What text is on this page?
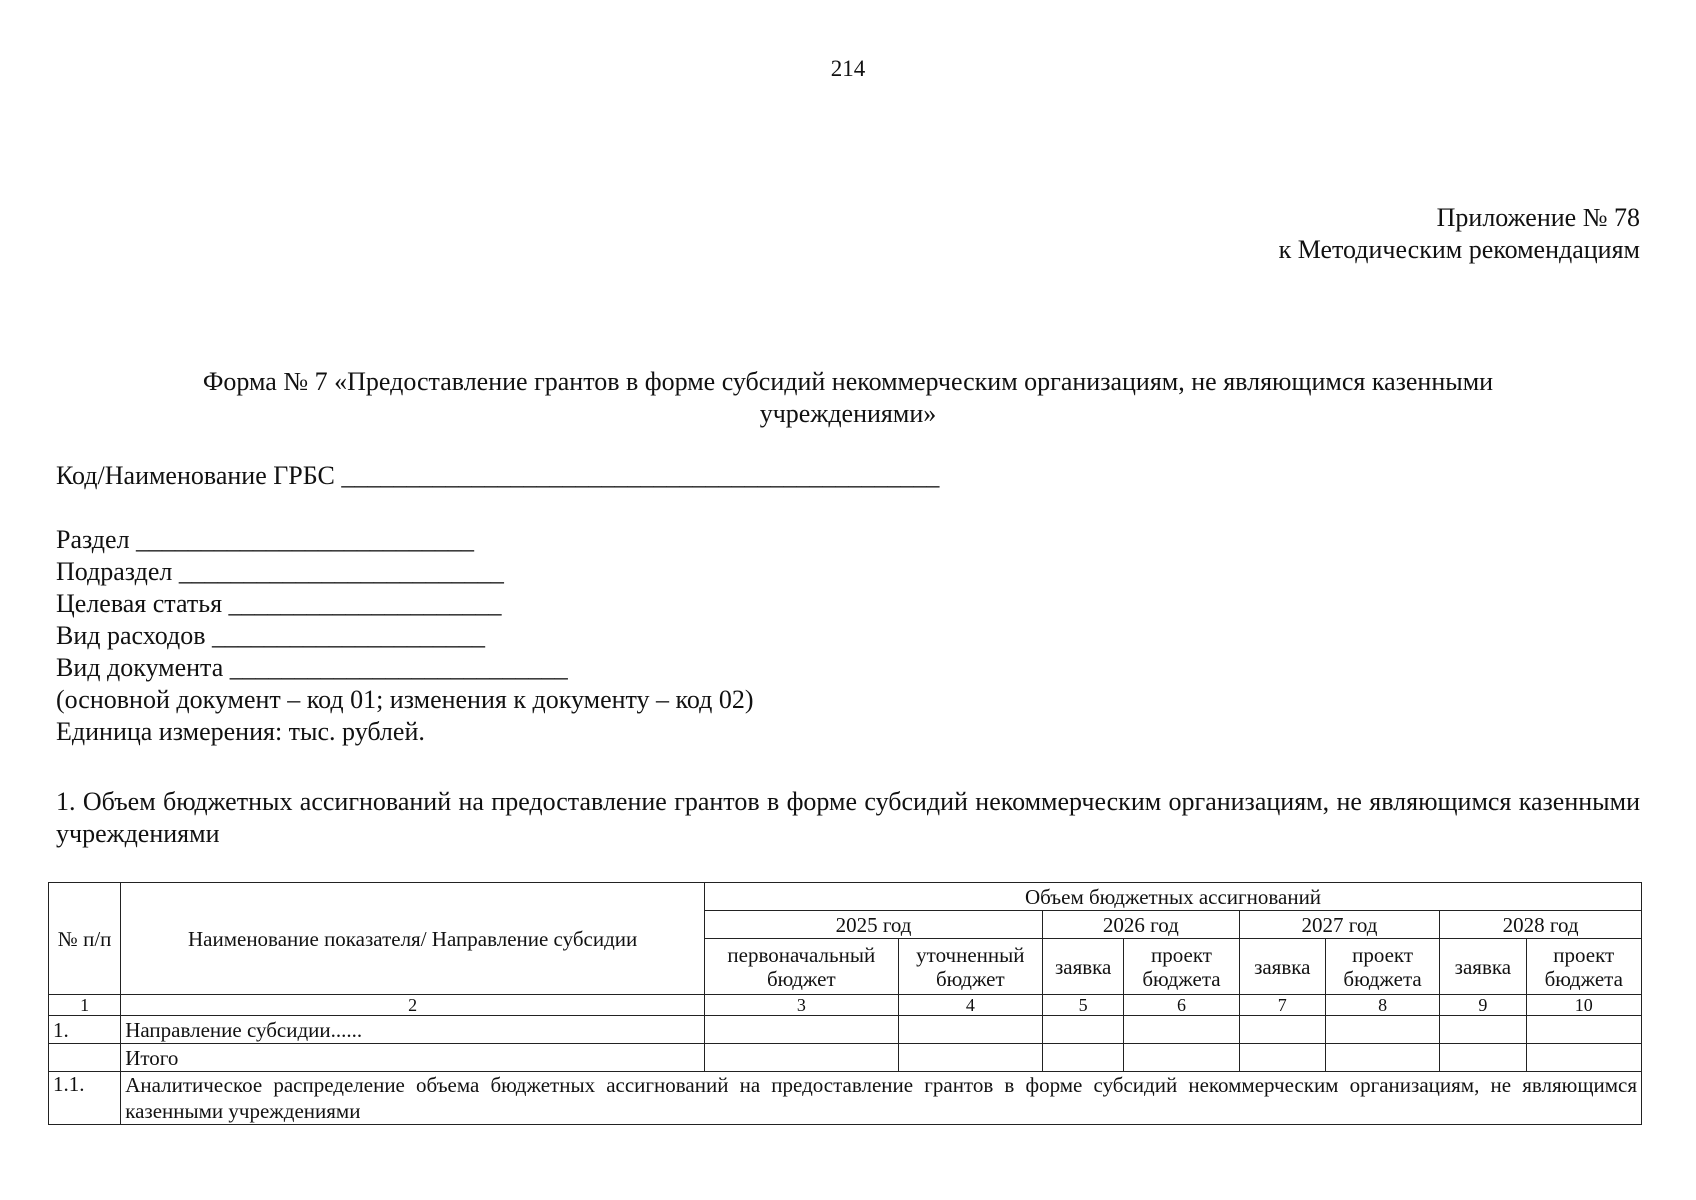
214
Приложение № 78
к Методическим рекомендациям
Форма № 7 «Предоставление грантов в форме субсидий некоммерческим организациям, не являющимся казенными учреждениями»
Код/Наименование ГРБС ______________________________________________
Раздел __________________________
Подраздел _________________________
Целевая статья _____________________
Вид расходов _____________________
Вид документа __________________________
(основной документ – код 01; изменения к документу – код 02)
Единица измерения: тыс. рублей.
1. Объем бюджетных ассигнований на предоставление грантов в форме субсидий некоммерческим организациям, не являющимся казенными учреждениями
№ п/п	Наименование показателя/ Направление субсидии	Объем бюджетных ассигнований							
		2025 год		2026 год		2027 год		2028 год	
		первоначальный бюджет	уточненный бюджет	заявка	проект бюджета	заявка	проект бюджета	заявка	проект бюджета
1	2	3	4	5	6	7	8	9	10
1.	Направление субсидии......								
	Итого								
1.1.	Аналитическое распределение объема бюджетных ассигнований на предоставление грантов в форме субсидий некоммерческим организациям, не являющимся казенными учреждениями								
